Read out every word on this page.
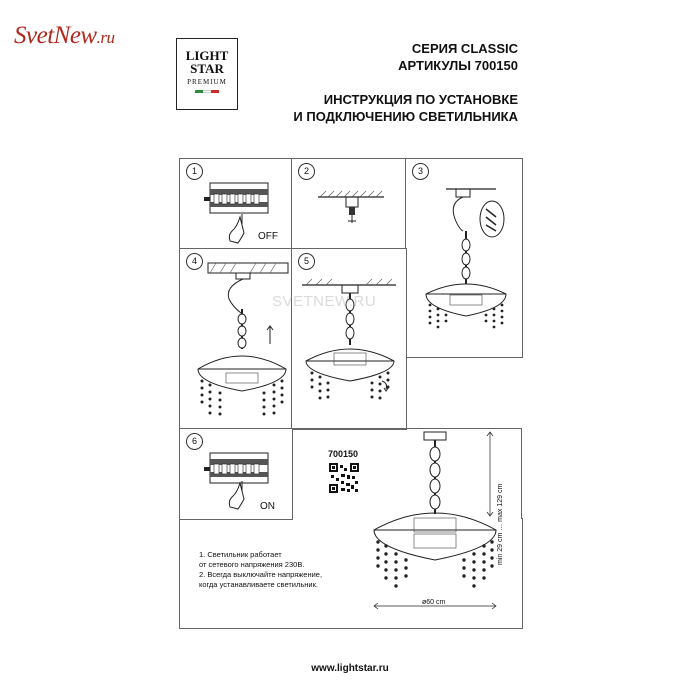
SvetNew.ru
LIGHT
STAR
PREMIUM
СЕРИЯ CLASSIC
АРТИКУЛЫ 700150
ИНСТРУКЦИЯ ПО УСТАНОВКЕ
И ПОДКЛЮЧЕНИЮ СВЕТИЛЬНИКА
1
OFF
2	3
4	5
6
ON
700150
min 29 cm … max 129 cm
ø60 cm
1. Светильник работает
от сетевого напряжения 230В.
2. Всегда выключайте напряжение,
когда устанавливаете светильник.
SVETNEW.RU
www.lightstar.ru
